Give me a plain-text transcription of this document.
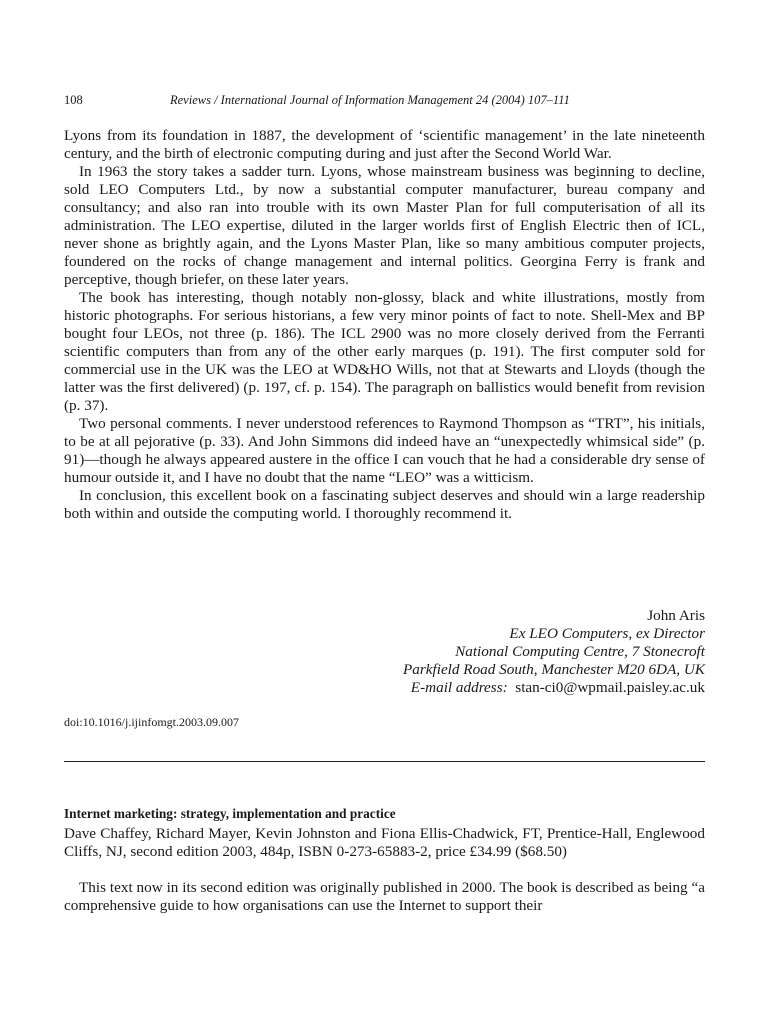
108	Reviews / International Journal of Information Management 24 (2004) 107–111

Lyons from its foundation in 1887, the development of ‘scientific management’ in the late nineteenth century, and the birth of electronic computing during and just after the Second World War.

In 1963 the story takes a sadder turn. Lyons, whose mainstream business was beginning to decline, sold LEO Computers Ltd., by now a substantial computer manufacturer, bureau company and consultancy; and also ran into trouble with its own Master Plan for full computerisation of all its administration. The LEO expertise, diluted in the larger worlds first of English Electric then of ICL, never shone as brightly again, and the Lyons Master Plan, like so many ambitious computer projects, foundered on the rocks of change management and internal politics. Georgina Ferry is frank and perceptive, though briefer, on these later years.

The book has interesting, though notably non-glossy, black and white illustrations, mostly from historic photographs. For serious historians, a few very minor points of fact to note. Shell-Mex and BP bought four LEOs, not three (p. 186). The ICL 2900 was no more closely derived from the Ferranti scientific computers than from any of the other early marques (p. 191). The first computer sold for commercial use in the UK was the LEO at WD&HO Wills, not that at Stewarts and Lloyds (though the latter was the first delivered) (p. 197, cf. p. 154). The paragraph on ballistics would benefit from revision (p. 37).

Two personal comments. I never understood references to Raymond Thompson as “TRT”, his initials, to be at all pejorative (p. 33). And John Simmons did indeed have an “unexpectedly whimsical side” (p. 91)—though he always appeared austere in the office I can vouch that he had a considerable dry sense of humour outside it, and I have no doubt that the name “LEO” was a witticism.

In conclusion, this excellent book on a fascinating subject deserves and should win a large readership both within and outside the computing world. I thoroughly recommend it.

John Aris
Ex LEO Computers, ex Director
National Computing Centre, 7 Stonecroft
Parkfield Road South, Manchester M20 6DA, UK
E-mail address: stan-ci0@wpmail.paisley.ac.uk
doi:10.1016/j.ijinfomgt.2003.09.007
Internet marketing: strategy, implementation and practice
Dave Chaffey, Richard Mayer, Kevin Johnston and Fiona Ellis-Chadwick, FT, Prentice-Hall, Englewood Cliffs, NJ, second edition 2003, 484p, ISBN 0-273-65883-2, price £34.99 ($68.50)
This text now in its second edition was originally published in 2000. The book is described as being “a comprehensive guide to how organisations can use the Internet to support their
